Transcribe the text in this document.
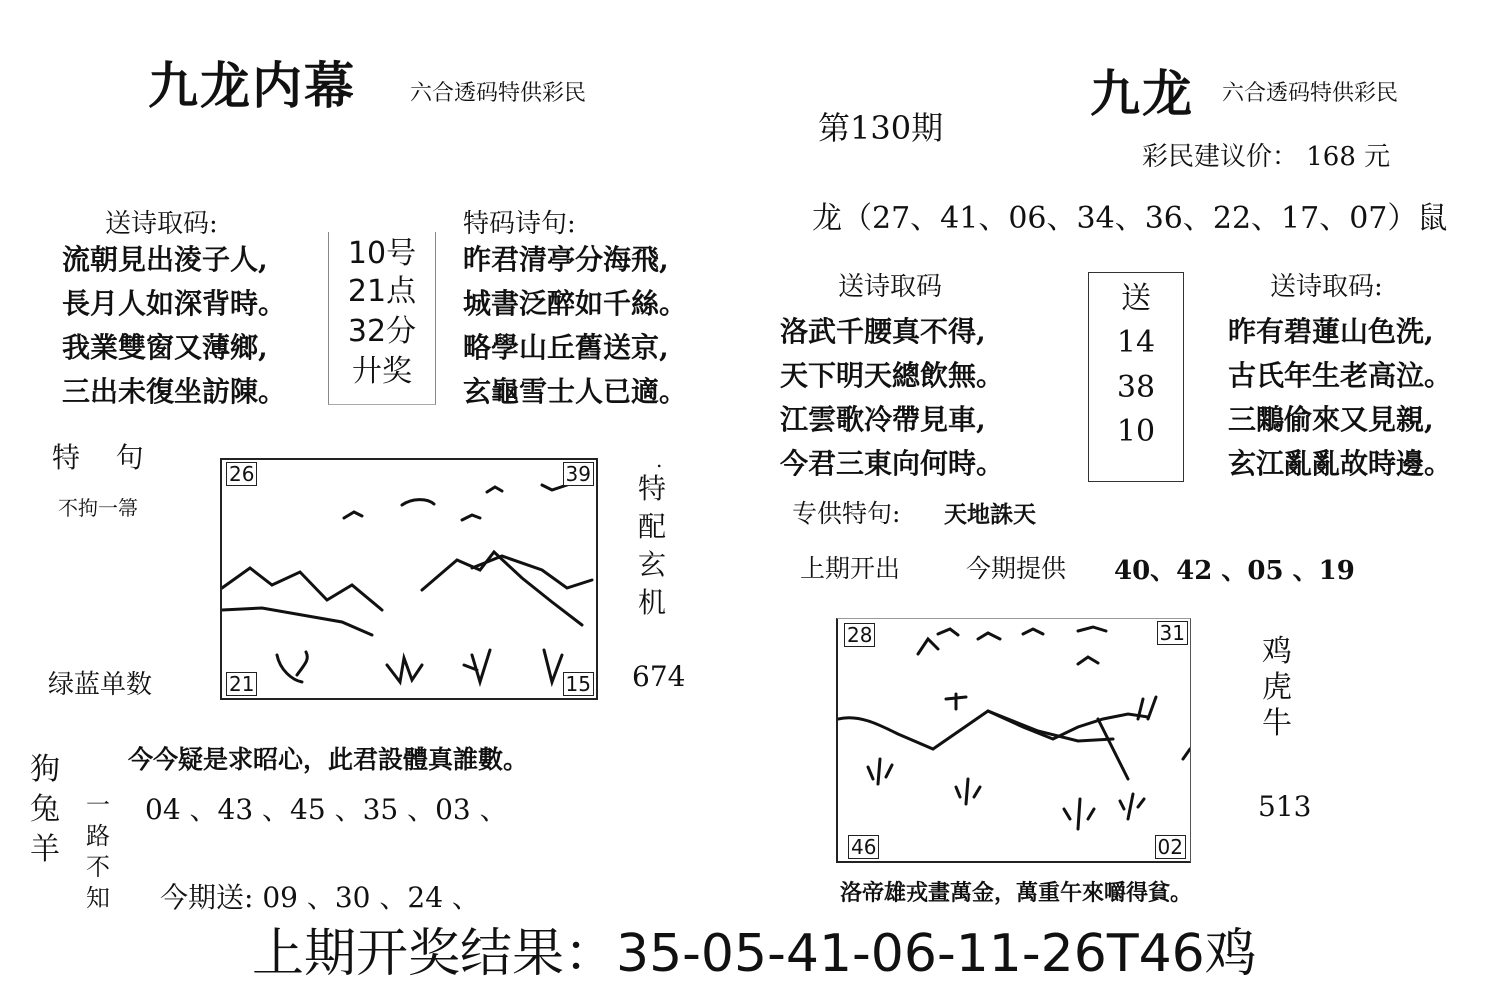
九龙内幕 六合透码特供彩民
送诗取码:
流朝見出淩子人,
長月人如深背時。
我業雙窗又薄鄉,
三出未復坐訪陳。
10号
21点
32分
廾奖
特码诗句:
昨君清亭分海飛,
城書泛醉如千絲。
略學山丘舊送京,
玄龜雪士人已適。
特    句
不拘一箒
26	39
21	15
特
配
玄
机
.
674
绿蓝单数
今今疑是求昭心，此君設體真誰數。
狗
兔
羊
一
路
不
知
04 、43 、45 、35 、03 、
今期送: 09 、30 、24 、
九龙 六合透码特供彩民
第130期
彩民建议价： 168 元
龙（27、41、06、34、36、22、17、07）鼠
送诗取码
洛武千腰真不得,
天下明天總飲無。
江雲歌冷帶見車,
今君三東向何時。
送
14
38
10
送诗取码:
昨有碧蓮山色洗,
古氏年生老高泣。
三鷴偷來又見親,
玄江亂亂故時邊。
专供特句: 天地誅天
上期开出	今期提供 40、42 、05 、19
28	31
46	02
鸡
虎
牛
513
洛帝雄戎畫萬金，萬重午來嚼得貧。
上期开奖结果：35-05-41-06-11-26T46鸡
